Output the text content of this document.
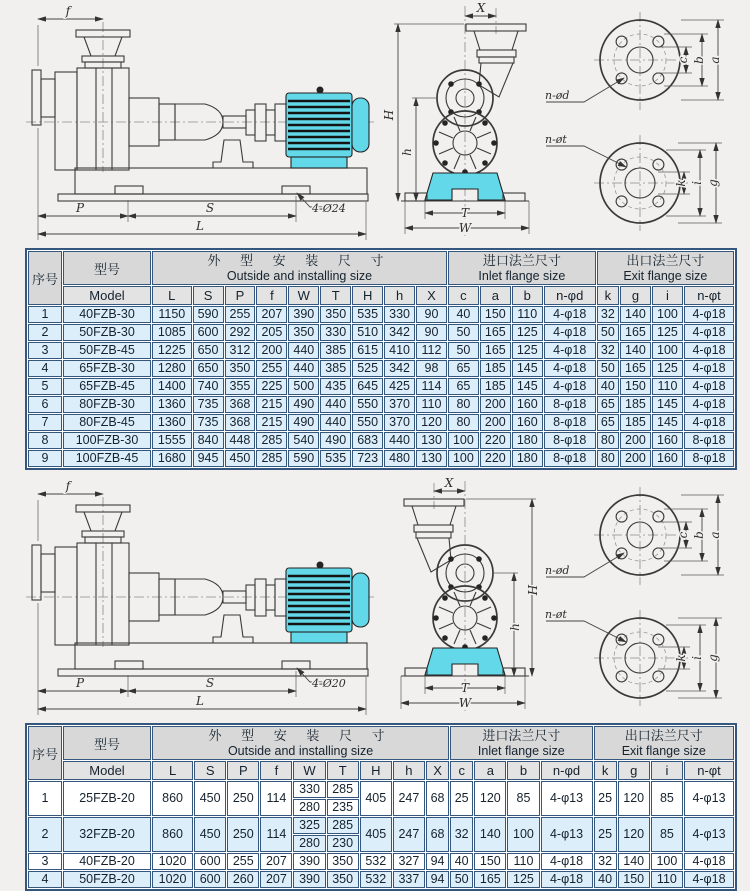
f
P	S
L
4-Ø24
X
H
h
T
W
c b a
k i g
n-ød
n-øt
序号	型号	
外 型 安 装 尺 寸
Outside and installing size

进口法兰尺寸
Inlet flange size

出口法兰尺寸
Exit flange size

	Model	L	S	P	f	W	T	H	h	X	c	a	b	n-φd	k	g	i	n-φt
1	40FZB-30	1150	590	255	207	390	350	535	330	90	40	150	110	4-φ18	32	140	100	4-φ18
2	50FZB-30	1085	600	292	205	350	330	510	342	90	50	165	125	4-φ18	50	165	125	4-φ18
3	50FZB-45	1225	650	312	200	440	385	615	410	112	50	165	125	4-φ18	32	140	100	4-φ18
4	65FZB-30	1280	650	350	255	440	385	525	342	98	65	185	145	4-φ18	50	165	125	4-φ18
5	65FZB-45	1400	740	355	225	500	435	645	425	114	65	185	145	4-φ18	40	150	110	4-φ18
6	80FZB-30	1360	735	368	215	490	440	550	370	110	80	200	160	8-φ18	65	185	145	4-φ18
7	80FZB-45	1360	735	368	215	490	440	550	370	120	80	200	160	8-φ18	65	185	145	4-φ18
8	100FZB-30	1555	840	448	285	540	490	683	440	130	100	220	180	8-φ18	80	200	160	8-φ18
9	100FZB-45	1680	945	450	285	590	535	723	480	130	100	220	180	8-φ18	80	200	160	8-φ18
f
P	S
L
4-Ø20
X
H
h
T
W
c b a
k i g
n-ød
n-øt
序号	型号	
外 型 安 装 尺 寸
Outside and installing size

进口法兰尺寸
Inlet flange size

出口法兰尺寸
Exit flange size

	Model	L	S	P	f	W	T	H	h	X	c	a	b	n-φd	k	g	i	n-φt
1	25FZB-20	860	450	250	114	330	285	405	247	68	25	120	85	4-φ13	25	120	85	4-φ13
						280	235											
2	32FZB-20	860	450	250	114	325	285	405	247	68	32	140	100	4-φ13	25	120	85	4-φ13
						280	230											
3	40FZB-20	1020	600	255	207	390	350	532	327	94	40	150	110	4-φ18	32	140	100	4-φ18
4	50FZB-20	1020	600	260	207	390	350	532	337	94	50	165	125	4-φ18	40	150	110	4-φ18
